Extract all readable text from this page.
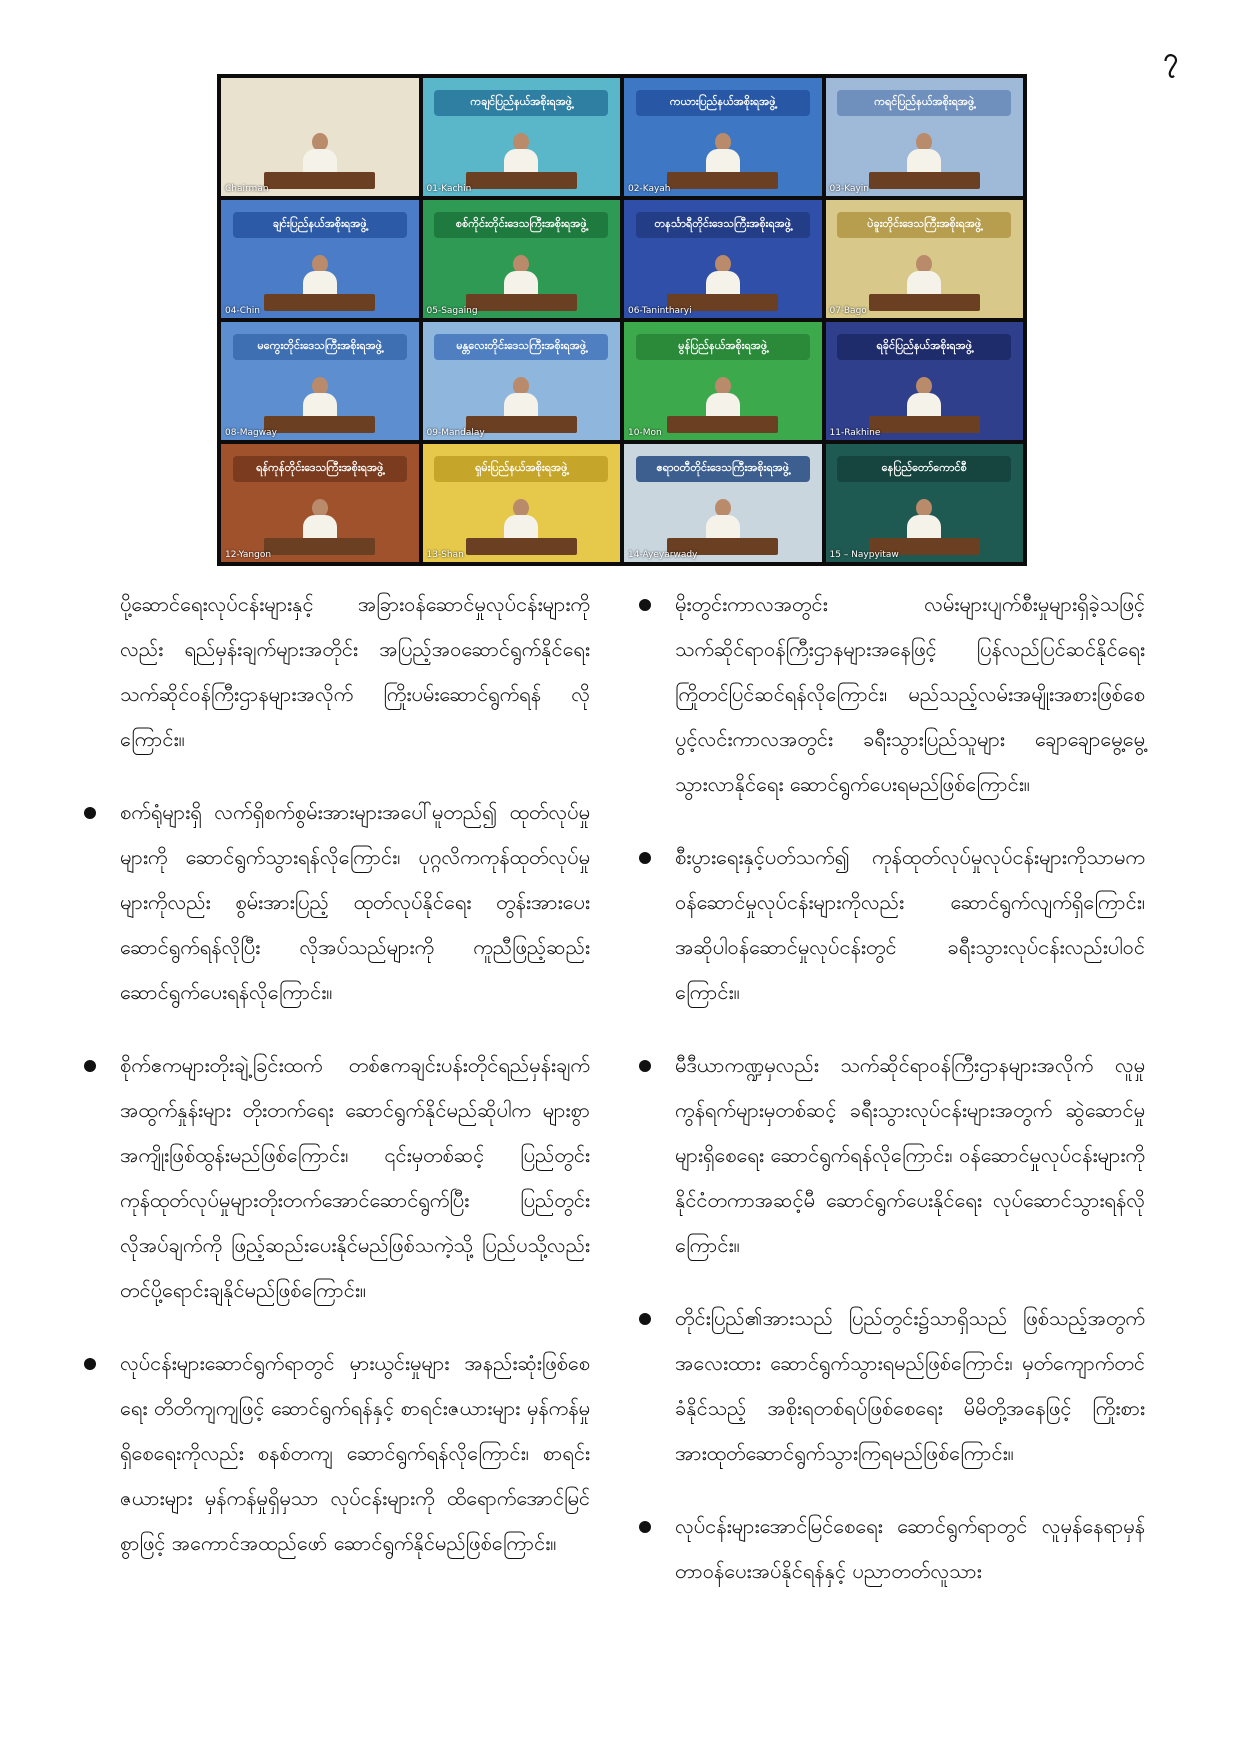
၇
Chairman
ကချင်ပြည်နယ်အစိုးရအဖွဲ့
01-Kachin
ကယားပြည်နယ်အစိုးရအဖွဲ့
02-Kayah
ကရင်ပြည်နယ်အစိုးရအဖွဲ့
03-Kayin
ချင်းပြည်နယ်အစိုးရအဖွဲ့
04-Chin
စစ်ကိုင်းတိုင်းဒေသကြီးအစိုးရအဖွဲ့
05-Sagaing
တနင်္သာရီတိုင်းဒေသကြီးအစိုးရအဖွဲ့
06-Tanintharyi
ပဲခူးတိုင်းဒေသကြီးအစိုးရအဖွဲ့
07-Bago
မကွေးတိုင်းဒေသကြီးအစိုးရအဖွဲ့
08-Magway
မန္တလေးတိုင်းဒေသကြီးအစိုးရအဖွဲ့
09-Mandalay
မွန်ပြည်နယ်အစိုးရအဖွဲ့
10-Mon
ရခိုင်ပြည်နယ်အစိုးရအဖွဲ့
11-Rakhine
ရန်ကုန်တိုင်းဒေသကြီးအစိုးရအဖွဲ့
12-Yangon
ရှမ်းပြည်နယ်အစိုးရအဖွဲ့
13-Shan
ဧရာဝတီတိုင်းဒေသကြီးအစိုးရအဖွဲ့
14-Ayeyarwady
နေပြည်တော်ကောင်စီ
15 – Naypyitaw

ပို့ဆောင်ရေးလုပ်ငန်းများနှင့် အခြားဝန်ဆောင်မှုလုပ်ငန်းများကိုလည်း ရည်မှန်းချက်များအတိုင်း အပြည့်အဝဆောင်ရွက်နိုင်ရေး သက်ဆိုင်ဝန်ကြီးဌာနများအလိုက် ကြိုးပမ်းဆောင်ရွက်ရန် လိုကြောင်း။

စက်ရုံများရှိ လက်ရှိစက်စွမ်းအားများအပေါ်မူတည်၍ ထုတ်လုပ်မှုများကို ဆောင်ရွက်သွားရန်လိုကြောင်း၊ ပုဂ္ဂလိကကုန်ထုတ်လုပ်မှုများကိုလည်း စွမ်းအားပြည့် ထုတ်လုပ်နိုင်ရေး တွန်းအားပေးဆောင်ရွက်ရန်လိုပြီး လိုအပ်သည်များကို ကူညီဖြည့်ဆည်းဆောင်ရွက်ပေးရန်လိုကြောင်း။
စိုက်ဧကများတိုးချဲ့ခြင်းထက် တစ်ဧကချင်းပန်းတိုင်ရည်မှန်းချက် အထွက်နှုန်းများ တိုးတက်ရေး ဆောင်ရွက်နိုင်မည်ဆိုပါက များစွာအကျိုးဖြစ်ထွန်းမည်ဖြစ်ကြောင်း၊ ၎င်းမှတစ်ဆင့် ပြည်တွင်းကုန်ထုတ်လုပ်မှုများတိုးတက်အောင်ဆောင်ရွက်ပြီး ပြည်တွင်းလိုအပ်ချက်ကို ဖြည့်ဆည်းပေးနိုင်မည်ဖြစ်သကဲ့သို့ ပြည်ပသို့လည်း တင်ပို့ရောင်းချနိုင်မည်ဖြစ်ကြောင်း။
လုပ်ငန်းများဆောင်ရွက်ရာတွင် မှားယွင်းမှုများ အနည်းဆုံးဖြစ်စေရေး တိတိကျကျဖြင့် ဆောင်ရွက်ရန်နှင့် စာရင်းဇယားများ မှန်ကန်မှုရှိစေရေးကိုလည်း စနစ်တကျ ဆောင်ရွက်ရန်လိုကြောင်း၊ စာရင်းဇယားများ မှန်ကန်မှုရှိမှသာ လုပ်ငန်းများကို ထိရောက်အောင်မြင်စွာဖြင့် အကောင်အထည်ဖော် ဆောင်ရွက်နိုင်မည်ဖြစ်ကြောင်း။
မိုးတွင်းကာလအတွင်း လမ်းများပျက်စီးမှုများရှိခဲ့သဖြင့် သက်ဆိုင်ရာဝန်ကြီးဌာနများအနေဖြင့် ပြန်လည်ပြင်ဆင်နိုင်ရေး ကြိုတင်ပြင်ဆင်ရန်လိုကြောင်း၊ မည်သည့်လမ်းအမျိုးအစားဖြစ်စေ ပွင့်လင်းကာလအတွင်း ခရီးသွားပြည်သူများ ချောချောမွေ့မွေ့ သွားလာနိုင်ရေး ဆောင်ရွက်ပေးရမည်ဖြစ်ကြောင်း။
စီးပွားရေးနှင့်ပတ်သက်၍ ကုန်ထုတ်လုပ်မှုလုပ်ငန်းများကိုသာမက ဝန်ဆောင်မှုလုပ်ငန်းများကိုလည်း ဆောင်ရွက်လျက်ရှိကြောင်း၊ အဆိုပါဝန်ဆောင်မှုလုပ်ငန်းတွင် ခရီးသွားလုပ်ငန်းလည်းပါဝင်ကြောင်း။
မီဒီယာကဏ္ဍမှလည်း သက်ဆိုင်ရာဝန်ကြီးဌာနများအလိုက် လူမှုကွန်ရက်များမှတစ်ဆင့် ခရီးသွားလုပ်ငန်းများအတွက် ဆွဲဆောင်မှုများရှိစေရေး ဆောင်ရွက်ရန်လိုကြောင်း၊ ဝန်ဆောင်မှုလုပ်ငန်းများကို နိုင်ငံတကာအဆင့်မီ ဆောင်ရွက်ပေးနိုင်ရေး လုပ်ဆောင်သွားရန်လိုကြောင်း။
တိုင်းပြည်၏အားသည် ပြည်တွင်း၌သာရှိသည် ဖြစ်သည့်အတွက် အလေးထား ဆောင်ရွက်သွားရမည်ဖြစ်ကြောင်း၊ မှတ်ကျောက်တင်ခံနိုင်သည့် အစိုးရတစ်ရပ်ဖြစ်စေရေး မိမိတို့အနေဖြင့် ကြိုးစားအားထုတ်ဆောင်ရွက်သွားကြရမည်ဖြစ်ကြောင်း။
လုပ်ငန်းများအောင်မြင်စေရေး ဆောင်ရွက်ရာတွင် လူမှန်နေရာမှန် တာဝန်ပေးအပ်နိုင်ရန်နှင့် ပညာတတ်လူသား
